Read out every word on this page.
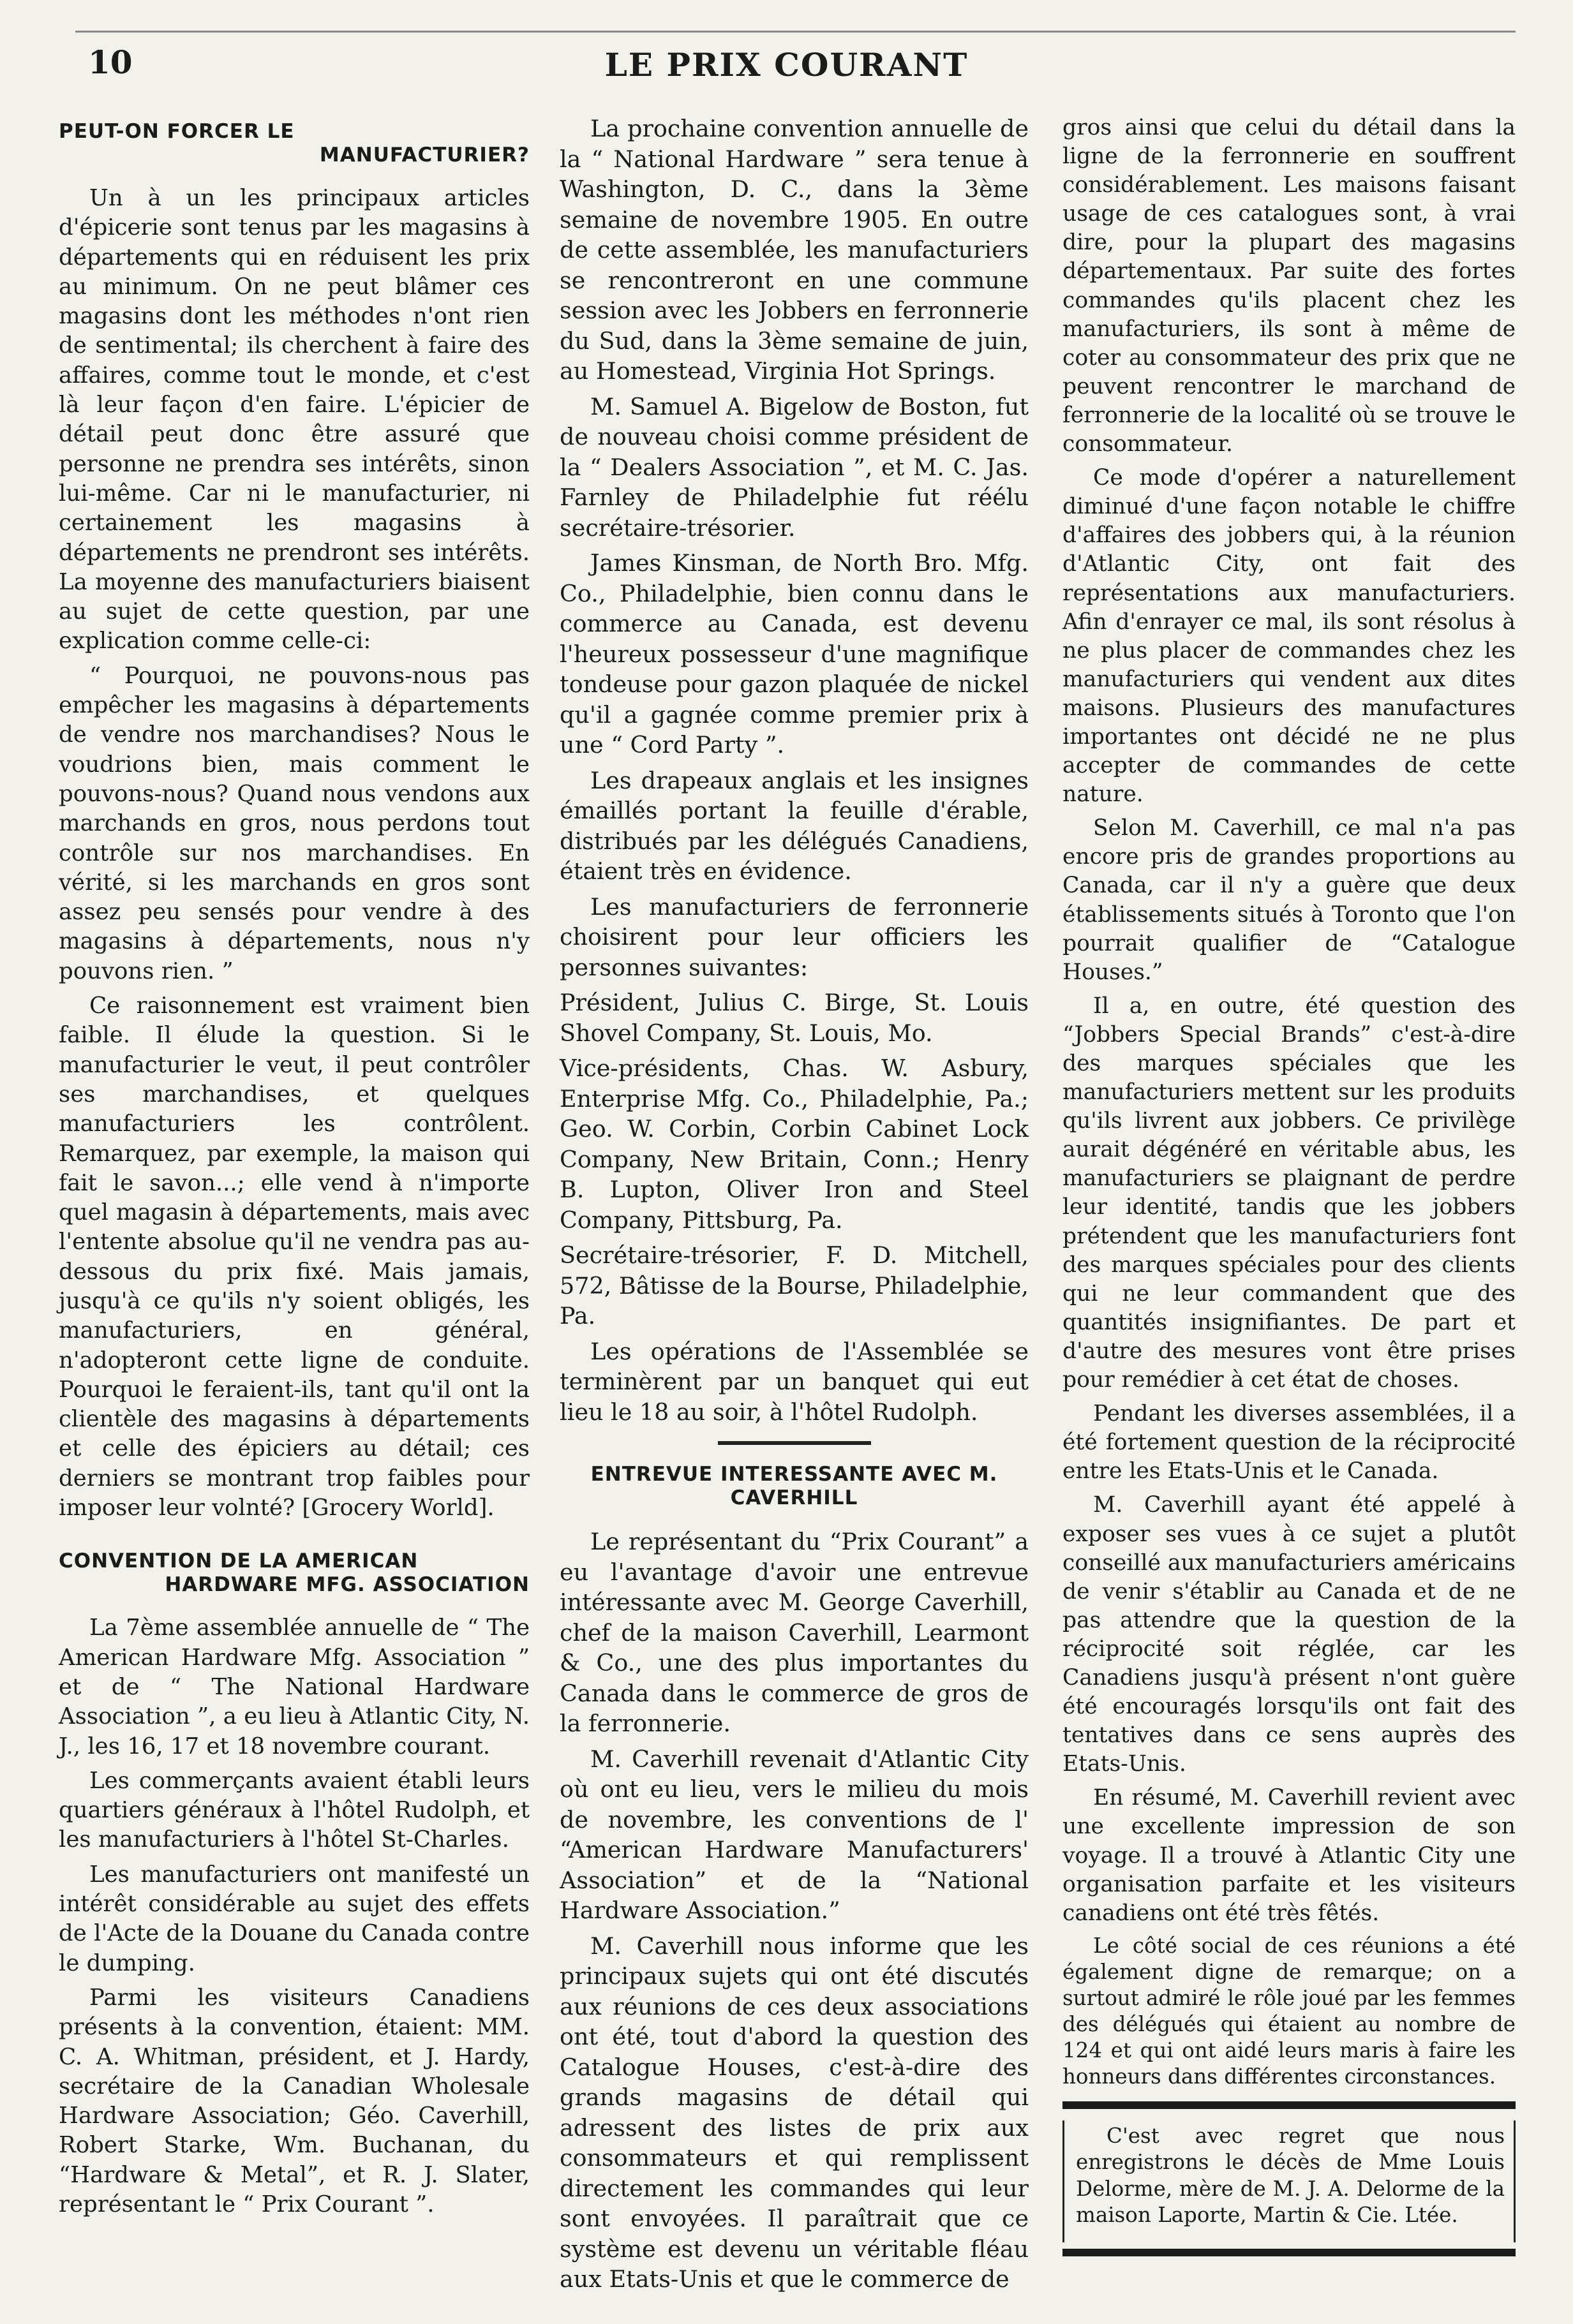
10	LE PRIX COURANT
PEUT-ON FORCER LE
MANUFACTURIER?

Un à un les principaux articles d'épicerie sont tenus par les magasins à départements qui en réduisent les prix au minimum. On ne peut blâmer ces magasins dont les méthodes n'ont rien de sentimental; ils cherchent à faire des affaires, comme tout le monde, et c'est là leur façon d'en faire. L'épicier de détail peut donc être assuré que personne ne prendra ses intérêts, sinon lui-même. Car ni le manufacturier, ni certainement les magasins à départements ne prendront ses intérêts. La moyenne des manufacturiers biaisent au sujet de cette question, par une explication comme celle-ci:

“ Pourquoi, ne pouvons-nous pas empêcher les magasins à départements de vendre nos marchandises? Nous le voudrions bien, mais comment le pouvons-nous? Quand nous vendons aux marchands en gros, nous perdons tout contrôle sur nos marchandises. En vérité, si les marchands en gros sont assez peu sensés pour vendre à des magasins à départements, nous n'y pouvons rien. ”

Ce raisonnement est vraiment bien faible. Il élude la question. Si le manufacturier le veut, il peut contrôler ses marchandises, et quelques manufacturiers les contrôlent. Remarquez, par exemple, la maison qui fait le savon...; elle vend à n'importe quel magasin à départements, mais avec l'entente absolue qu'il ne vendra pas au-dessous du prix fixé. Mais jamais, jusqu'à ce qu'ils n'y soient obligés, les manufacturiers, en général, n'adopteront cette ligne de conduite. Pourquoi le feraient-ils, tant qu'il ont la clientèle des magasins à départements et celle des épiciers au détail; ces derniers se montrant trop faibles pour imposer leur volnté? [Grocery World].

CONVENTION DE LA AMERICAN
HARDWARE MFG. ASSOCIATION

La 7ème assemblée annuelle de “ The American Hardware Mfg. Association ” et de “ The National Hardware Association ”, a eu lieu à Atlantic City, N. J., les 16, 17 et 18 novembre courant.

Les commerçants avaient établi leurs quartiers généraux à l'hôtel Rudolph, et les manufacturiers à l'hôtel St-Charles.

Les manufacturiers ont manifesté un intérêt considérable au sujet des effets de l'Acte de la Douane du Canada contre le dumping.

Parmi les visiteurs Canadiens présents à la convention, étaient: MM. C. A. Whitman, président, et J. Hardy, secrétaire de la Canadian Wholesale Hardware Association; Géo. Caverhill, Robert Starke, Wm. Buchanan, du “Hardware & Metal”, et R. J. Slater, représentant le “ Prix Courant ”.

La prochaine convention annuelle de la “ National Hardware ” sera tenue à Washington, D. C., dans la 3ème semaine de novembre 1905. En outre de cette assemblée, les manufacturiers se rencontreront en une commune session avec les Jobbers en ferronnerie du Sud, dans la 3ème semaine de juin, au Homestead, Virginia Hot Springs.

M. Samuel A. Bigelow de Boston, fut de nouveau choisi comme président de la “ Dealers Association ”, et M. C. Jas. Farnley de Philadelphie fut réélu secrétaire-trésorier.

James Kinsman, de North Bro. Mfg. Co., Philadelphie, bien connu dans le commerce au Canada, est devenu l'heureux possesseur d'une magnifique tondeuse pour gazon plaquée de nickel qu'il a gagnée comme premier prix à une “ Cord Party ”.

Les drapeaux anglais et les insignes émaillés portant la feuille d'érable, distribués par les délégués Canadiens, étaient très en évidence.

Les manufacturiers de ferronnerie choisirent pour leur officiers les personnes suivantes:

Président, Julius C. Birge, St. Louis Shovel Company, St. Louis, Mo.

Vice-présidents, Chas. W. Asbury, Enterprise Mfg. Co., Philadelphie, Pa.; Geo. W. Corbin, Corbin Cabinet Lock Company, New Britain, Conn.; Henry B. Lupton, Oliver Iron and Steel Company, Pittsburg, Pa.

Secrétaire-trésorier, F. D. Mitchell, 572, Bâtisse de la Bourse, Philadelphie, Pa.

Les opérations de l'Assemblée se terminèrent par un banquet qui eut lieu le 18 au soir, à l'hôtel Rudolph.

ENTREVUE INTERESSANTE AVEC M.
CAVERHILL

Le représentant du “Prix Courant” a eu l'avantage d'avoir une entrevue intéressante avec M. George Caverhill, chef de la maison Caverhill, Learmont & Co., une des plus importantes du Canada dans le commerce de gros de la ferronnerie.

M. Caverhill revenait d'Atlantic City où ont eu lieu, vers le milieu du mois de novembre, les conventions de l' “American Hardware Manufacturers' Association” et de la “National Hardware Association.”

M. Caverhill nous informe que les principaux sujets qui ont été discutés aux réunions de ces deux associations ont été, tout d'abord la question des Catalogue Houses, c'est-à-dire des grands magasins de détail qui adressent des listes de prix aux consommateurs et qui remplissent directement les commandes qui leur sont envoyées. Il paraîtrait que ce système est devenu un véritable fléau aux Etats-Unis et que le commerce de

gros ainsi que celui du détail dans la ligne de la ferronnerie en souffrent considérablement. Les maisons faisant usage de ces catalogues sont, à vrai dire, pour la plupart des magasins départementaux. Par suite des fortes commandes qu'ils placent chez les manufacturiers, ils sont à même de coter au consommateur des prix que ne peuvent rencontrer le marchand de ferronnerie de la localité où se trouve le consommateur.

Ce mode d'opérer a naturellement diminué d'une façon notable le chiffre d'affaires des jobbers qui, à la réunion d'Atlantic City, ont fait des représentations aux manufacturiers. Afin d'enrayer ce mal, ils sont résolus à ne plus placer de commandes chez les manufacturiers qui vendent aux dites maisons. Plusieurs des manufactures importantes ont décidé ne ne plus accepter de commandes de cette nature.

Selon M. Caverhill, ce mal n'a pas encore pris de grandes proportions au Canada, car il n'y a guère que deux établissements situés à Toronto que l'on pourrait qualifier de “Catalogue Houses.”

Il a, en outre, été question des “Jobbers Special Brands” c'est-à-dire des marques spéciales que les manufacturiers mettent sur les produits qu'ils livrent aux jobbers. Ce privilège aurait dégénéré en véritable abus, les manufacturiers se plaignant de perdre leur identité, tandis que les jobbers prétendent que les manufacturiers font des marques spéciales pour des clients qui ne leur commandent que des quantités insignifiantes. De part et d'autre des mesures vont être prises pour remédier à cet état de choses.

Pendant les diverses assemblées, il a été fortement question de la réciprocité entre les Etats-Unis et le Canada.

M. Caverhill ayant été appelé à exposer ses vues à ce sujet a plutôt conseillé aux manufacturiers américains de venir s'établir au Canada et de ne pas attendre que la question de la réciprocité soit réglée, car les Canadiens jusqu'à présent n'ont guère été encouragés lorsqu'ils ont fait des tentatives dans ce sens auprès des Etats-Unis.

En résumé, M. Caverhill revient avec une excellente impression de son voyage. Il a trouvé à Atlantic City une organisation parfaite et les visiteurs canadiens ont été très fêtés.

Le côté social de ces réunions a été également digne de remarque; on a surtout admiré le rôle joué par les femmes des délégués qui étaient au nombre de 124 et qui ont aidé leurs maris à faire les honneurs dans différentes circonstances.

C'est avec regret que nous enregistrons le décès de Mme Louis Delorme, mère de M. J. A. Delorme de la maison Laporte, Martin & Cie. Ltée.
